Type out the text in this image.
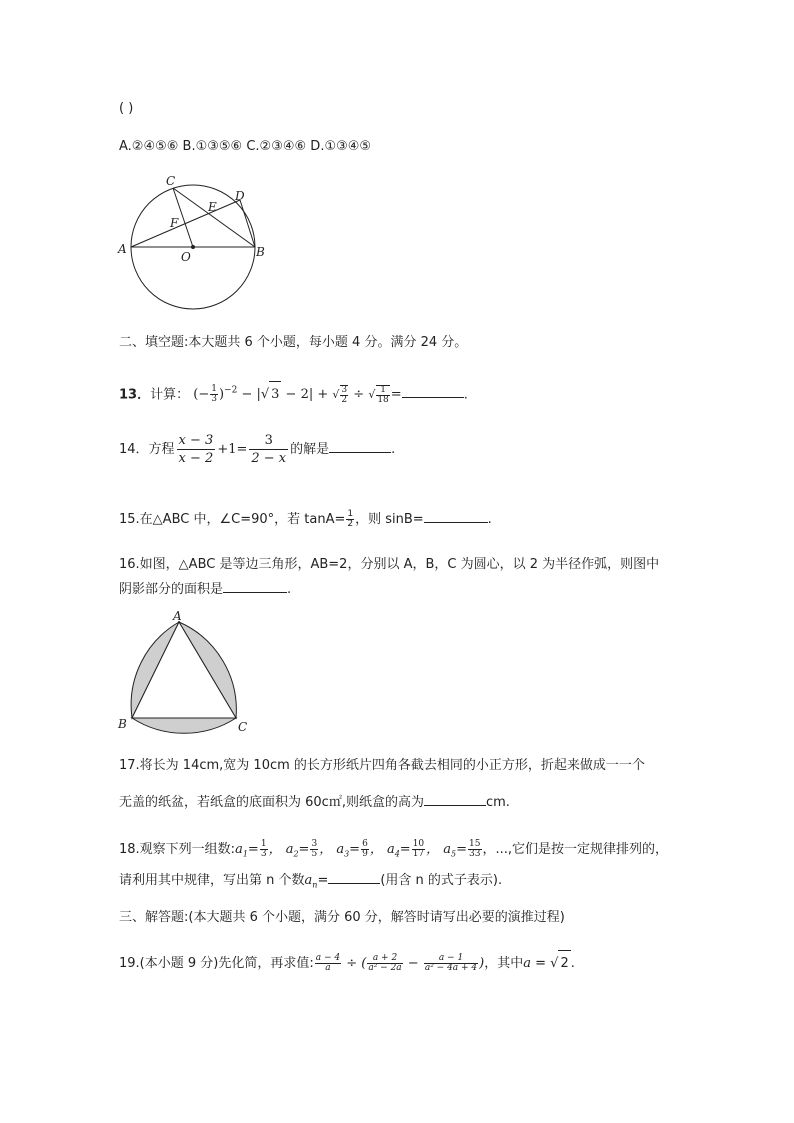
( )
A.②④⑤⑥ B.①③⑤⑥ C.②③④⑥ D.①③④⑤
C
D
E
F
A
O	B
二、填空题:本大题共 6 个小题，每小题 4 分。满分 24 分。
13．计算： (− $\frac{1}{3} )^{-2}$ − |√ 3 − 2| + √ $\frac{3}{2}$ ÷ √ $\frac{1}{18}$ =	.
14．方程 $\frac{x - 3}{x - 2} +1= \frac{3}{2 - x}$ 的解是	.
15.在△ABC 中，∠C=90°，若 $\tan A= \frac{1}{2}$ ，则 sinB=	.
16.如图，△ABC 是等边三角形，AB=2，分别以 A，B，C 为圆心，以 2 为半径作弧，则图中
阴影部分的面积是	.
A
B	C
17.将长为 14cm,宽为 10cm 的长方形纸片四角各截去相同的小正方形，折起来做成一一个
无盖的纸盆，若纸盒的底面积为 60c㎡,则纸盒的高为	cm.
18.观察下列一组数$:a_1= \frac{1}{3}$ ， $a_2= \frac{3}{5}$ ， $a_3= \frac{6}{9}$ ， $a_4= \frac{10}{17}$ ， $a_5= \frac{15}{33}$ ，...,它们是按一定规律排列的，
请利用其中规律，写出第 n 个数$a_n=$	(用含 n 的式子表示).
三、解答题:(本大题共 6 个小题，满分 60 分，解答时请写出必要的演推过程)
19.(本小题 9 分)先化简，再求值: $\frac{a - 4}{a}$ ÷ ( $\frac{a + 2}{\text{a² − 2a}} - \frac{a - 1}{\text{a² − 4a + 4}}$ )，其中a = √ 2 .
